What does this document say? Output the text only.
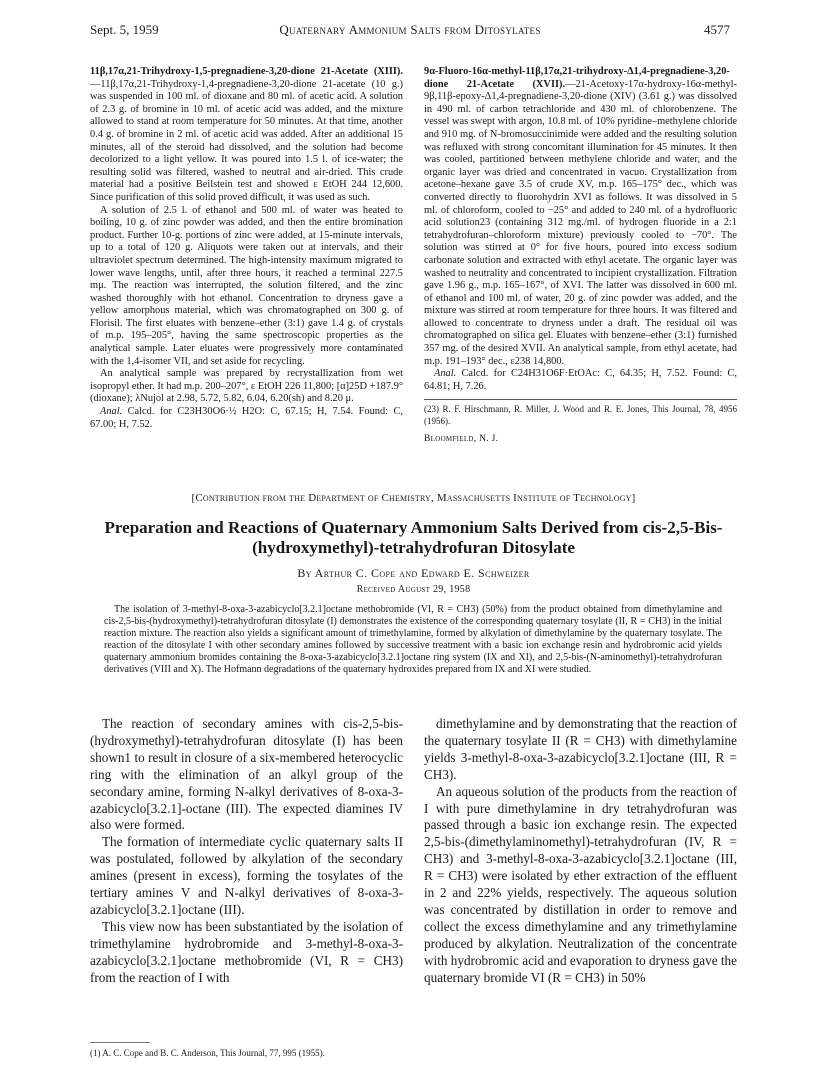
Sept. 5, 1959	Quaternary Ammonium Salts from Ditosylates	4577

11β,17α,21-Trihydroxy-1,5-pregnadiene-3,20-dione 21-Acetate (XIII).—11β,17α,21-Trihydroxy-1,4-pregnadiene-3,20-dione 21-acetate (10 g.) was suspended in 100 ml. of dioxane and 80 ml. of acetic acid. A solution of 2.3 g. of bromine in 10 ml. of acetic acid was added, and the mixture allowed to stand at room temperature for 50 minutes. At that time, another 0.4 g. of bromine in 2 ml. of acetic acid was added. After an additional 15 minutes, all of the steroid had dissolved, and the solution had become decolorized to a light yellow. It was poured into 1.5 l. of ice-water; the resulting solid was filtered, washed to neutral and air-dried. This crude material had a positive Beilstein test and showed ε EtOH 244 12,600. Since purification of this solid proved difficult, it was used as such.

A solution of 2.5 l. of ethanol and 500 ml. of water was heated to boiling, 10 g. of zinc powder was added, and then the entire bromination product. Further 10-g. portions of zinc were added, at 15-minute intervals, up to a total of 120 g. Aliquots were taken out at intervals, and their ultraviolet spectrum determined. The high-intensity maximum migrated to lower wave lengths, until, after three hours, it reached a terminal 227.5 mμ. The reaction was interrupted, the solution filtered, and the zinc washed thoroughly with hot ethanol. Concentration to dryness gave a yellow amorphous material, which was chromatographed on 300 g. of Florisil. The first eluates with benzene–ether (3:1) gave 1.4 g. of crystals of m.p. 195–205°, having the same spectroscopic properties as the analytical sample. Later eluates were progressively more contaminated with the 1,4-isomer VII, and set aside for recycling.

An analytical sample was prepared by recrystallization from wet isopropyl ether. It had m.p. 200–207°, ε EtOH 226 11,800; [α]25D +187.9° (dioxane); λNujol at 2.98, 5.72, 5.82, 6.04, 6.20(sh) and 8.20 μ.

Anal. Calcd. for C23H30O6·½ H2O: C, 67.15; H, 7.54. Found: C, 67.00; H, 7.52.

9α-Fluoro-16α-methyl-11β,17α,21-trihydroxy-Δ1,4-pregnadiene-3,20-dione 21-Acetate (XVII).—21-Acetoxy-17α-hydroxy-16α-methyl-9β,11β-epoxy-Δ1,4-pregnadiene-3,20-dione (XIV) (3.61 g.) was dissolved in 490 ml. of carbon tetrachloride and 430 ml. of chlorobenzene. The vessel was swept with argon, 10.8 ml. of 10% pyridine–methylene chloride and 910 mg. of N-bromosuccinimide were added and the resulting solution was refluxed with strong concomitant illumination for 45 minutes. It then was cooled, partitioned between methylene chloride and water, and the organic layer was dried and concentrated in vacuo. Crystallization from acetone–hexane gave 3.5 of crude XV, m.p. 165–175° dec., which was converted directly to fluorohydrin XVI as follows. It was dissolved in 5 ml. of chloroform, cooled to −25° and added to 240 ml. of a hydrofluoric acid solution23 (containing 312 mg./ml. of hydrogen fluoride in a 2:1 tetrahydrofuran–chloroform mixture) previously cooled to −70°. The solution was stirred at 0° for five hours, poured into excess sodium carbonate solution and extracted with ethyl acetate. The organic layer was washed to neutrality and concentrated to incipient crystallization. Filtration gave 1.96 g., m.p. 165–167°, of XVI. The latter was dissolved in 600 ml. of ethanol and 100 ml. of water, 20 g. of zinc powder was added, and the mixture was stirred at room temperature for three hours. It was filtered and allowed to concentrate to dryness under a draft. The residual oil was chromatographed on silica gel. Eluates with benzene–ether (3:1) furnished 357 mg. of the desired XVII. An analytical sample, from ethyl acetate, had m.p. 191–193° dec., ε238 14,800.

Anal. Calcd. for C24H31O6F·EtOAc: C, 64.35; H, 7.52. Found: C, 64.81; H, 7.26.

(23) R. F. Hirschmann, R. Miller, J. Wood and R. E. Jones, This Journal, 78, 4956 (1956).
Bloomfield, N. J.
[Contribution from the Department of Chemistry, Massachusetts Institute of Technology]
Preparation and Reactions of Quaternary Ammonium Salts Derived from cis-2,5-Bis-(hydroxymethyl)-tetrahydrofuran Ditosylate
By Arthur C. Cope and Edward E. Schweizer
Received August 29, 1958

The isolation of 3-methyl-8-oxa-3-azabicyclo[3.2.1]octane methobromide (VI, R = CH3) (50%) from the product obtained from dimethylamine and cis-2,5-bis-(hydroxymethyl)-tetrahydrofuran ditosylate (I) demonstrates the existence of the corresponding quaternary tosylate (II, R = CH3) in the initial reaction mixture. The reaction also yields a significant amount of trimethylamine, formed by alkylation of dimethylamine by the quaternary tosylate. The reaction of the ditosylate I with other secondary amines followed by successive treatment with a basic ion exchange resin and hydrobromic acid yields quaternary ammonium bromides containing the 8-oxa-3-azabicyclo[3.2.1]octane ring system (IX and XI), and 2,5-bis-(N-aminomethyl)-tetrahydrofuran derivatives (VIII and X). The Hofmann degradations of the quaternary hydroxides prepared from IX and XI were studied.

The reaction of secondary amines with cis-2,5-bis-(hydroxymethyl)-tetrahydrofuran ditosylate (I) has been shown1 to result in closure of a six-membered heterocyclic ring with the elimination of an alkyl group of the secondary amine, forming N-alkyl derivatives of 8-oxa-3-azabicyclo[3.2.1]-octane (III). The expected diamines IV also were formed.

The formation of intermediate cyclic quaternary salts II was postulated, followed by alkylation of the secondary amines (present in excess), forming the tosylates of the tertiary amines V and N-alkyl derivatives of 8-oxa-3-azabicyclo[3.2.1]octane (III).

This view now has been substantiated by the isolation of trimethylamine hydrobromide and 3-methyl-8-oxa-3-azabicyclo[3.2.1]octane methobromide (VI, R = CH3) from the reaction of I with

(1) A. C. Cope and B. C. Anderson, This Journal, 77, 995 (1955).

dimethylamine and by demonstrating that the reaction of the quaternary tosylate II (R = CH3) with dimethylamine yields 3-methyl-8-oxa-3-azabicyclo[3.2.1]octane (III, R = CH3).

An aqueous solution of the products from the reaction of I with pure dimethylamine in dry tetrahydrofuran was passed through a basic ion exchange resin. The expected 2,5-bis-(dimethylaminomethyl)-tetrahydrofuran (IV, R = CH3) and 3-methyl-8-oxa-3-azabicyclo[3.2.1]octane (III, R = CH3) were isolated by ether extraction of the effluent in 2 and 22% yields, respectively. The aqueous solution was concentrated by distillation in order to remove and collect the excess dimethylamine and any trimethylamine produced by alkylation. Neutralization of the concentrate with hydrobromic acid and evaporation to dryness gave the quaternary bromide VI (R = CH3) in 50%
